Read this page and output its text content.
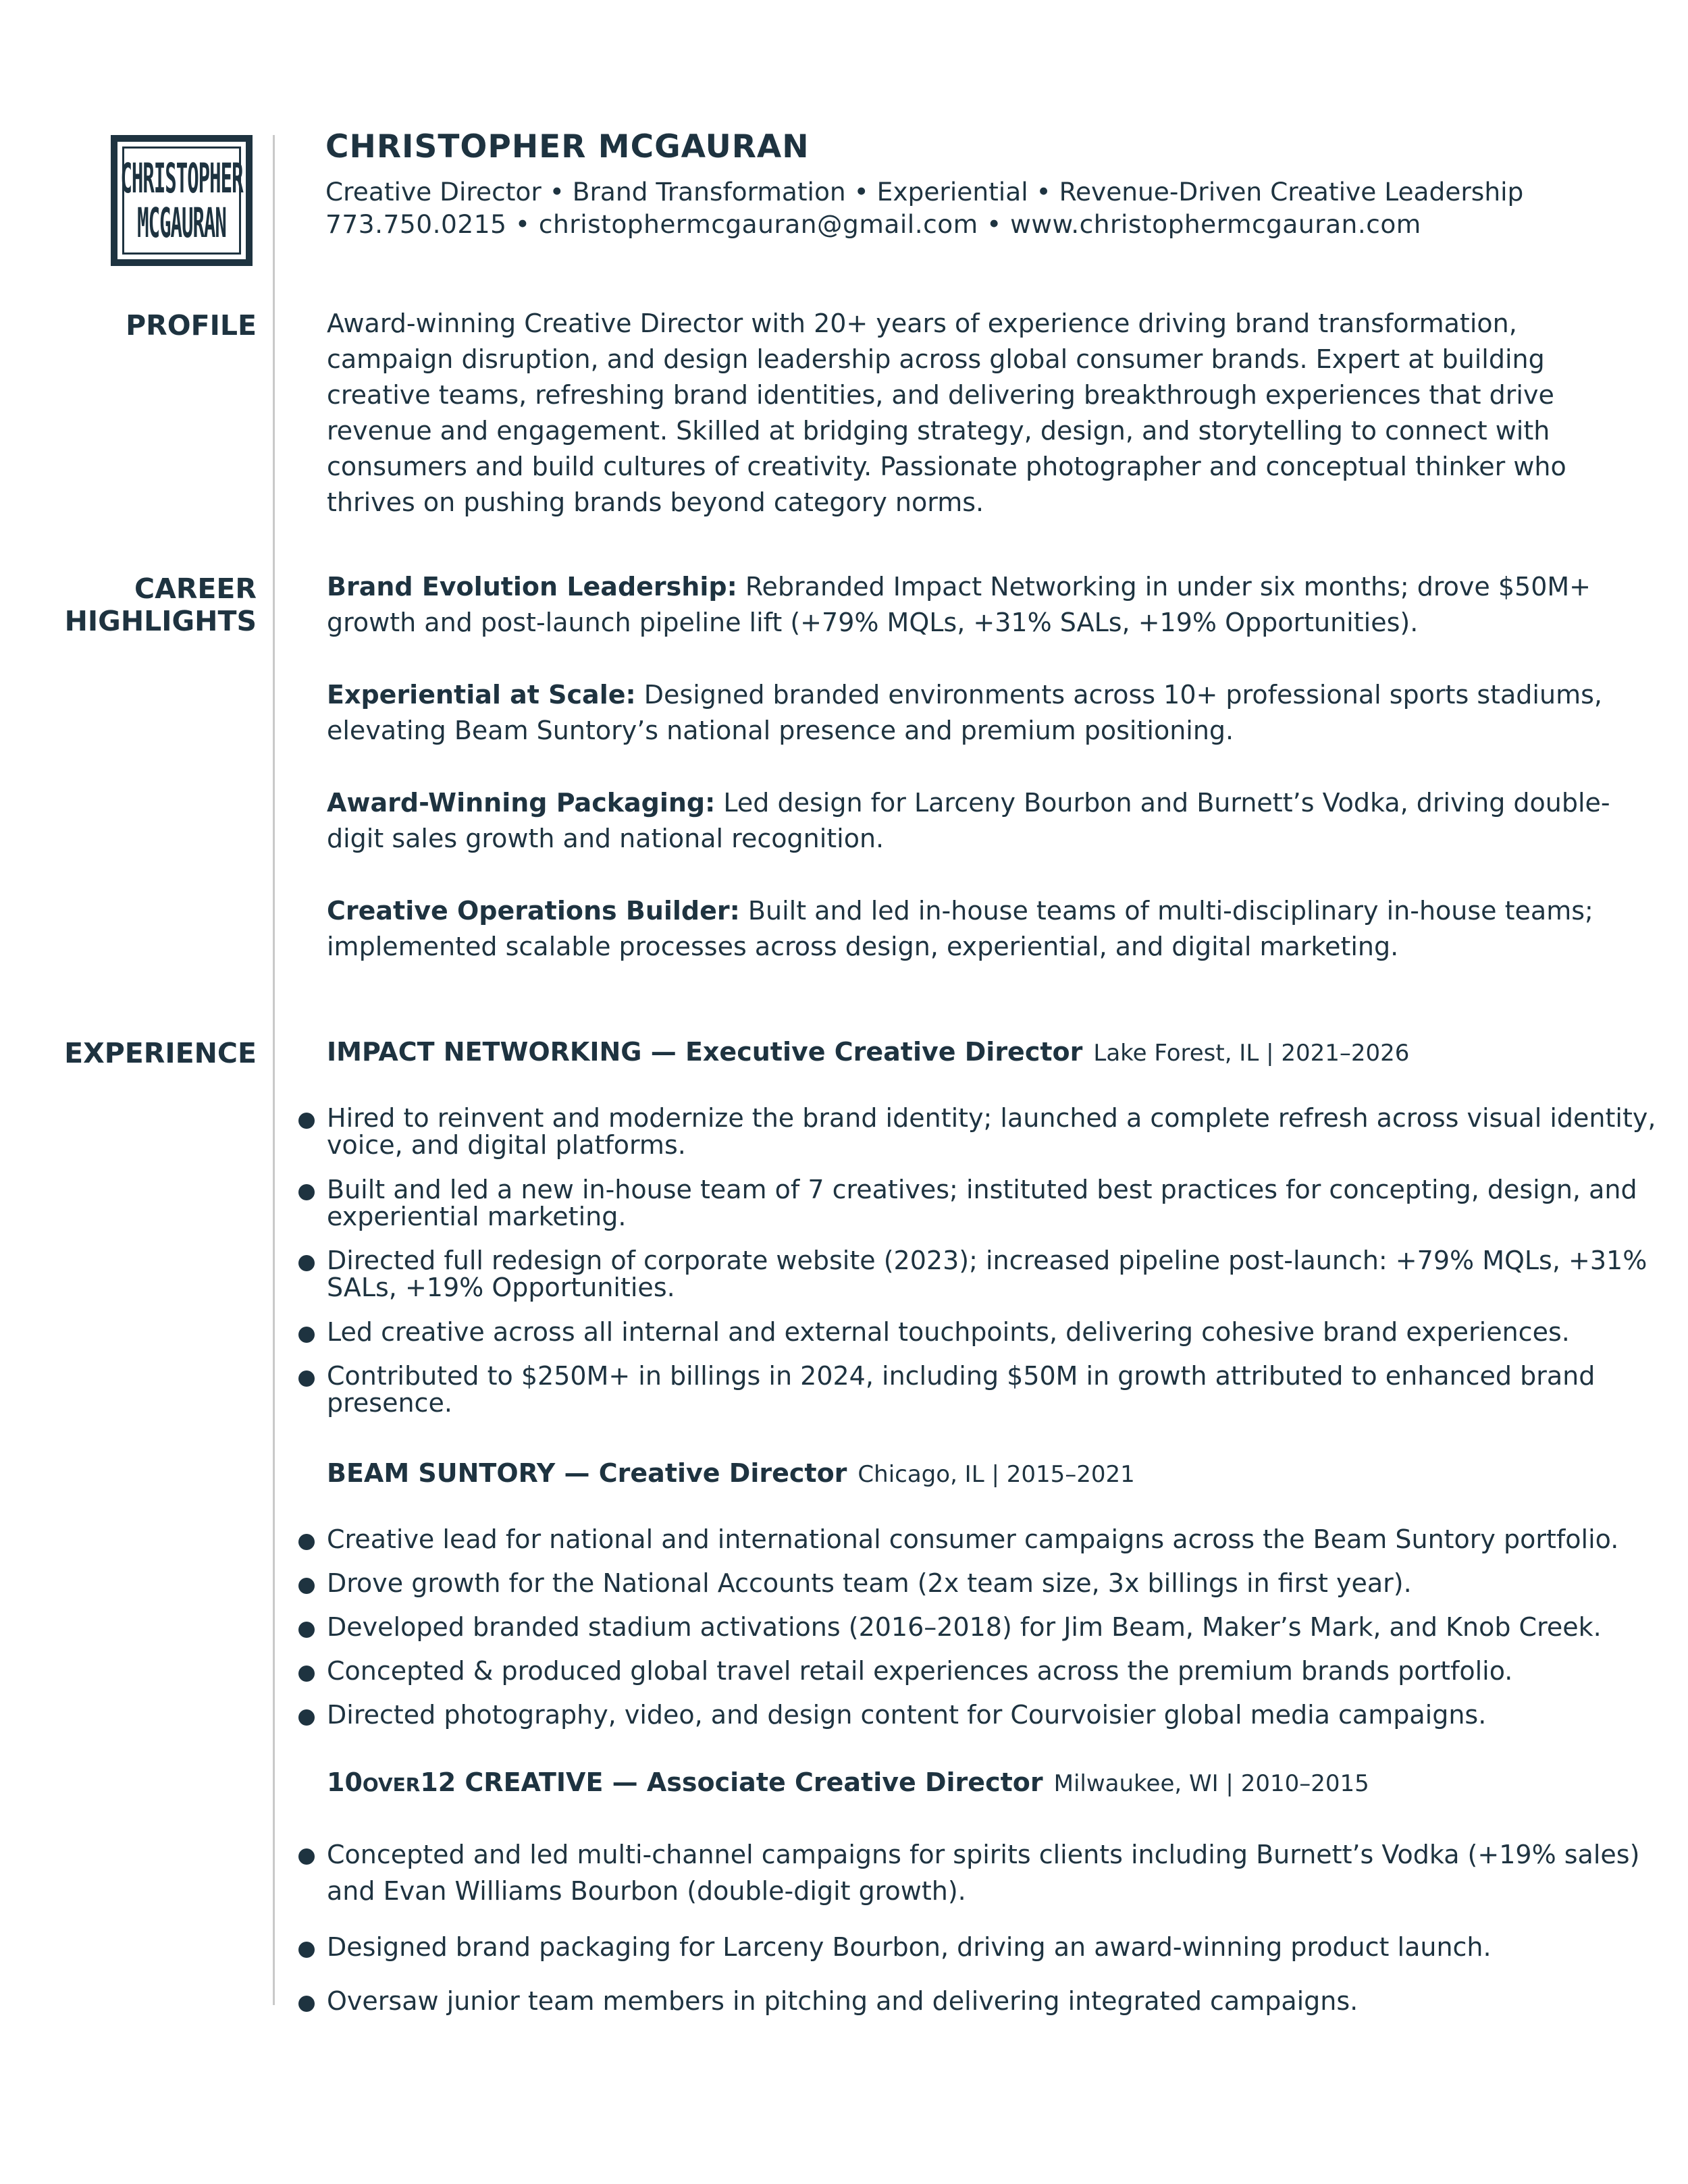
CHRISTOPHER
MCGAURAN
CHRISTOPHER MCGAURAN
Creative Director • Brand Transformation • Experiential • Revenue-Driven Creative Leadership
773.750.0215 • christophermcgauran@gmail.com • www.christophermcgauran.com
PROFILE	Award-winning Creative Director with 20+ years of experience driving brand transformation, campaign disruption, and design leadership across global consumer brands. Expert at building creative teams, refreshing brand identities, and delivering breakthrough experiences that drive revenue and engagement. Skilled at bridging strategy, design, and storytelling to connect with consumers and build cultures of creativity. Passionate photographer and conceptual thinker who thrives on pushing brands beyond category norms.

CAREER
HIGHLIGHTS

Brand Evolution Leadership: Rebranded Impact Networking in under six months; drove $50M+ growth and post-launch pipeline lift (+79% MQLs, +31% SALs, +19% Opportunities).

Experiential at Scale: Designed branded environments across 10+ professional sports stadiums, elevating Beam Suntory’s national presence and premium positioning.

Award-Winning Packaging: Led design for Larceny Bourbon and Burnett’s Vodka, driving double-digit sales growth and national recognition.

Creative Operations Builder: Built and led in-house teams of multi-disciplinary in-house teams; implemented scalable processes across design, experiential, and digital marketing.

EXPERIENCE	IMPACT NETWORKING — Executive Creative Director Lake Forest, IL | 2021–2026

Hired to reinvent and modernize the brand identity; launched a complete refresh across visual identity, voice, and digital platforms.

Built and led a new in-house team of 7 creatives; instituted best practices for concepting, design, and experiential marketing.

Directed full redesign of corporate website (2023); increased pipeline post-launch: +79% MQLs, +31% SALs, +19% Opportunities.

Led creative across all internal and external touchpoints, delivering cohesive brand experiences.

Contributed to $250M+ in billings in 2024, including $50M in growth attributed to enhanced brand presence.

BEAM SUNTORY — Creative Director Chicago, IL | 2015–2021

Creative lead for national and international consumer campaigns across the Beam Suntory portfolio.

Drove growth for the National Accounts team (2x team size, 3x billings in first year).

Developed branded stadium activations (2016–2018) for Jim Beam, Maker’s Mark, and Knob Creek.

Concepted & produced global travel retail experiences across the premium brands portfolio.

Directed photography, video, and design content for Courvoisier global media campaigns.

10OVER12 CREATIVE — Associate Creative Director Milwaukee, WI | 2010–2015

Concepted and led multi-channel campaigns for spirits clients including Burnett’s Vodka (+19% sales) and Evan Williams Bourbon (double-digit growth).

Designed brand packaging for Larceny Bourbon, driving an award-winning product launch.

Oversaw junior team members in pitching and delivering integrated campaigns.
